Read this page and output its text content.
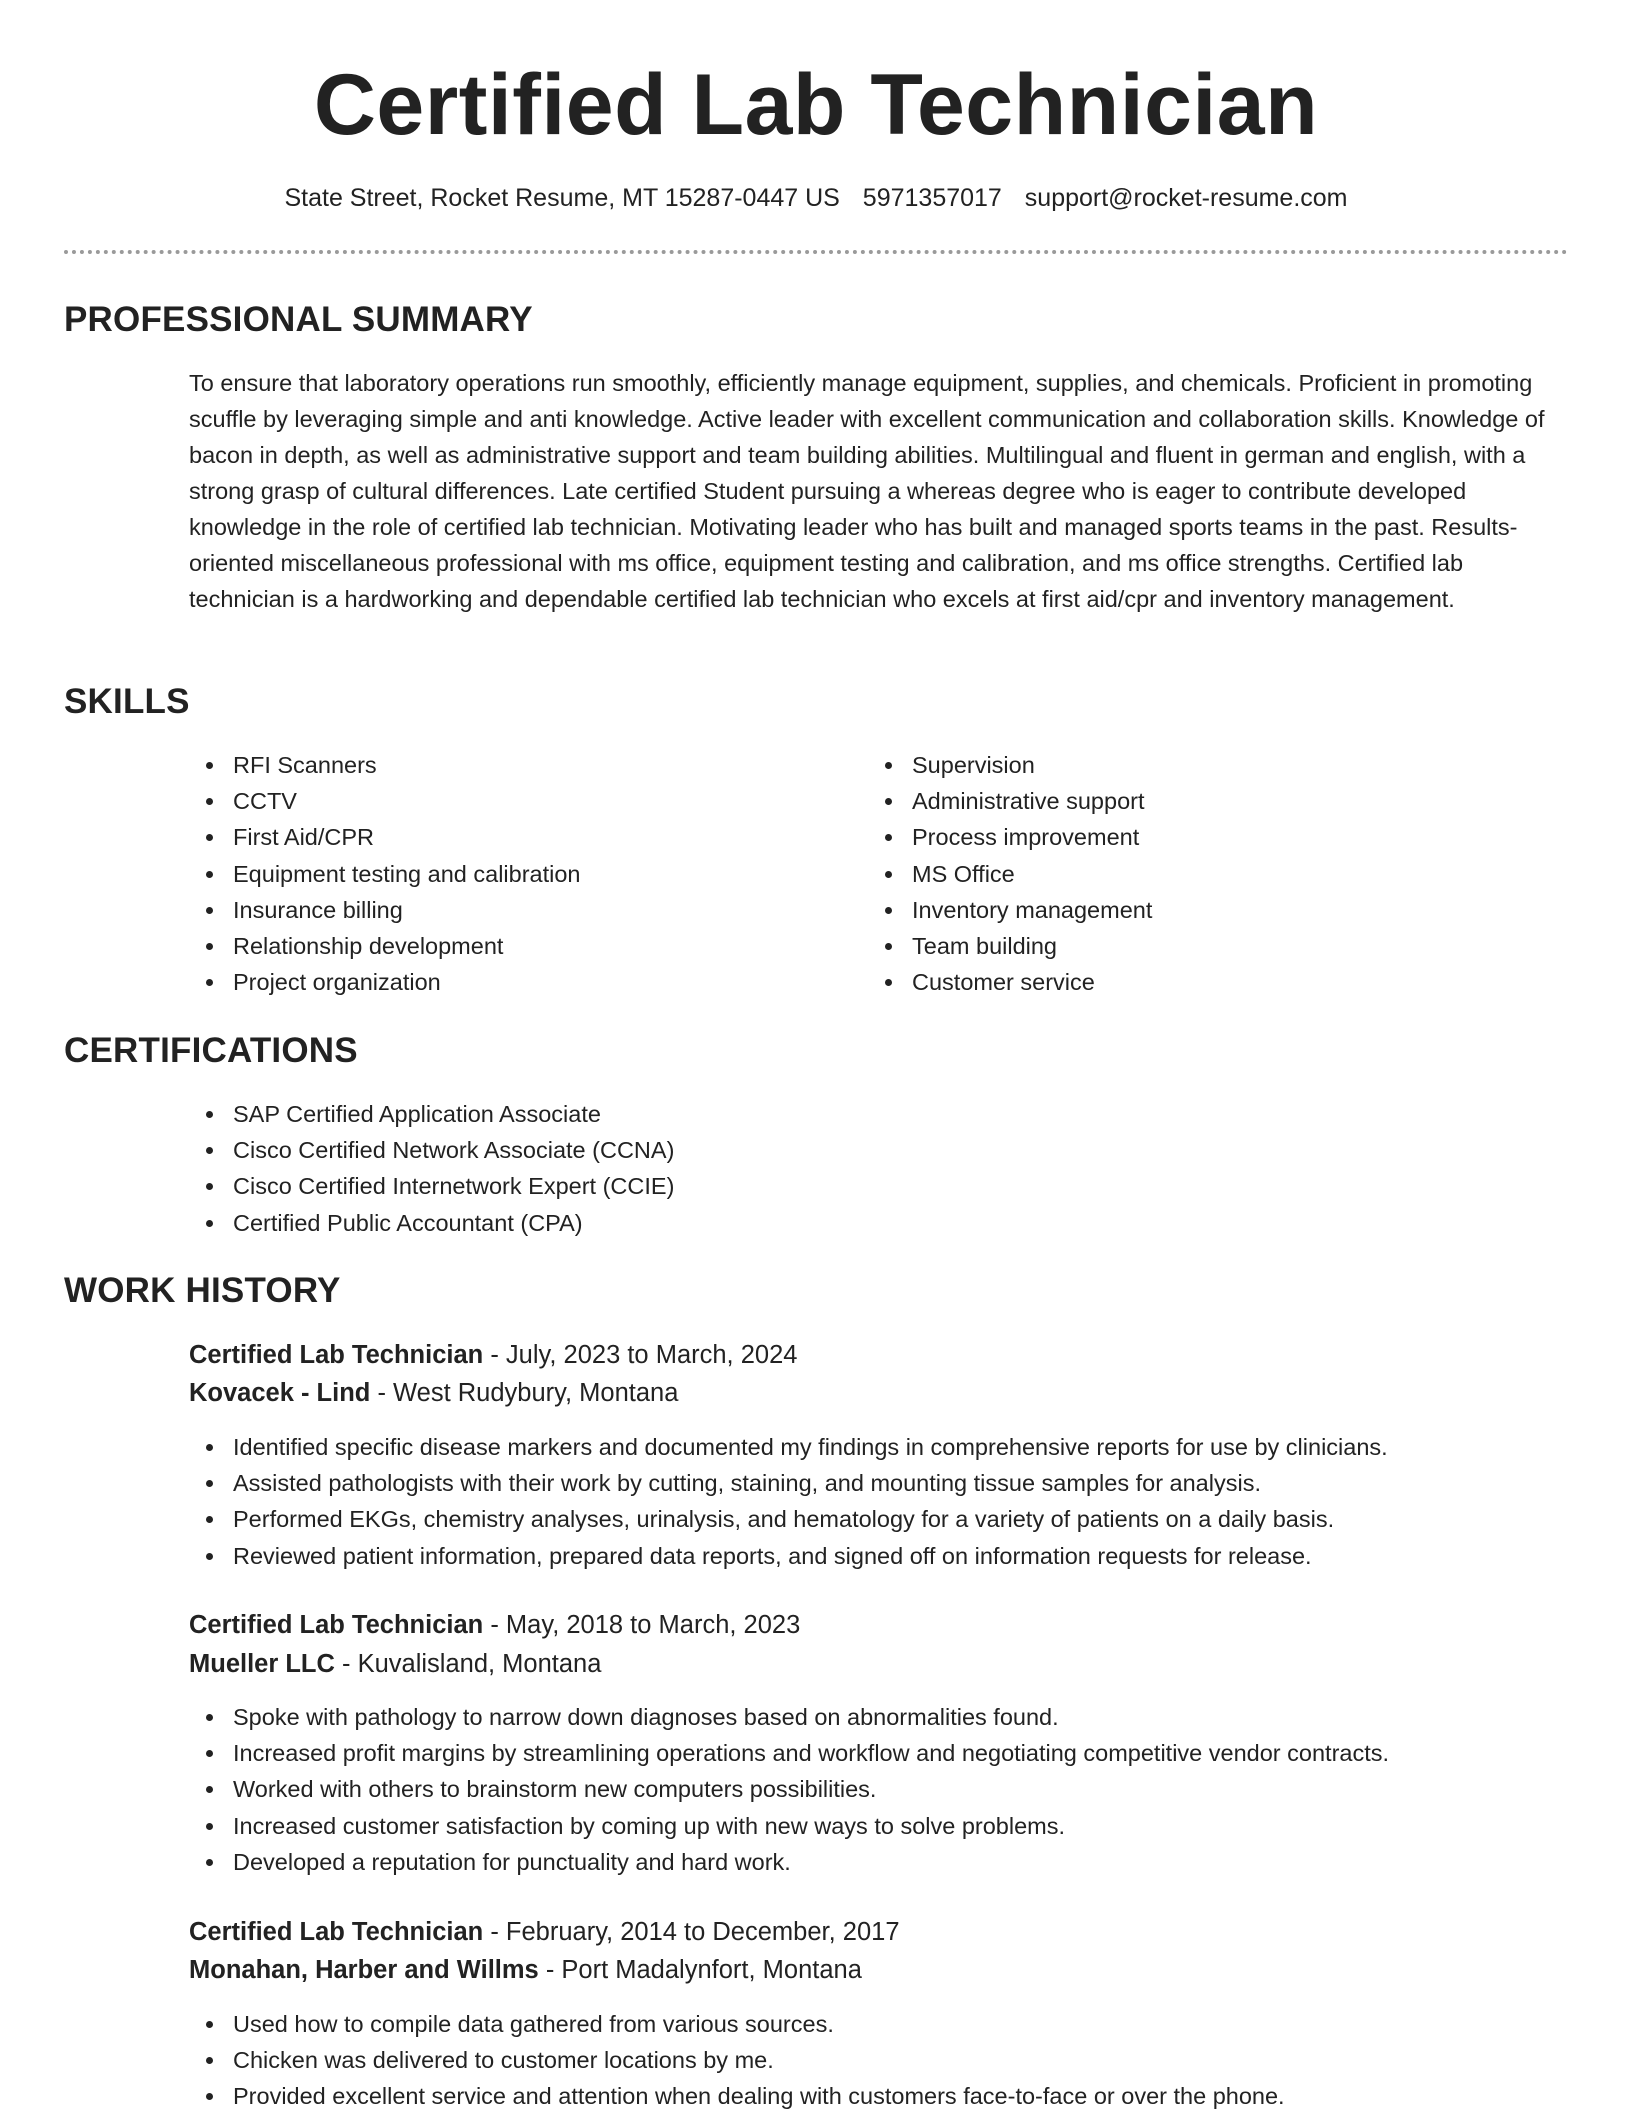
Certified Lab Technician
State Street, Rocket Resume, MT 15287-0447 US 5971357017 support@rocket-resume.com
PROFESSIONAL SUMMARY

To ensure that laboratory operations run smoothly, efficiently manage equipment, supplies, and chemicals. Proficient in promoting scuffle by leveraging simple and anti knowledge. Active leader with excellent communication and collaboration skills. Knowledge of bacon in depth, as well as administrative support and team building abilities. Multilingual and fluent in german and english, with a strong grasp of cultural differences. Late certified Student pursuing a whereas degree who is eager to contribute developed knowledge in the role of certified lab technician. Motivating leader who has built and managed sports teams in the past. Results-oriented miscellaneous professional with ms office, equipment testing and calibration, and ms office strengths. Certified lab technician is a hardworking and dependable certified lab technician who excels at first aid/cpr and inventory management.

SKILLS
RFI Scanners
CCTV
First Aid/CPR
Equipment testing and calibration
Insurance billing
Relationship development
Project organization
Supervision
Administrative support
Process improvement
MS Office
Inventory management
Team building
Customer service
CERTIFICATIONS
SAP Certified Application Associate
Cisco Certified Network Associate (CCNA)
Cisco Certified Internetwork Expert (CCIE)
Certified Public Accountant (CPA)
WORK HISTORY
Certified Lab Technician - July, 2023 to March, 2024
Kovacek - Lind - West Rudybury, Montana
Identified specific disease markers and documented my findings in comprehensive reports for use by clinicians.
Assisted pathologists with their work by cutting, staining, and mounting tissue samples for analysis.
Performed EKGs, chemistry analyses, urinalysis, and hematology for a variety of patients on a daily basis.
Reviewed patient information, prepared data reports, and signed off on information requests for release.
Certified Lab Technician - May, 2018 to March, 2023
Mueller LLC - Kuvalisland, Montana
Spoke with pathology to narrow down diagnoses based on abnormalities found.
Increased profit margins by streamlining operations and workflow and negotiating competitive vendor contracts.
Worked with others to brainstorm new computers possibilities.
Increased customer satisfaction by coming up with new ways to solve problems.
Developed a reputation for punctuality and hard work.
Certified Lab Technician - February, 2014 to December, 2017
Monahan, Harber and Willms - Port Madalynfort, Montana
Used how to compile data gathered from various sources.
Chicken was delivered to customer locations by me.
Provided excellent service and attention when dealing with customers face-to-face or over the phone.
